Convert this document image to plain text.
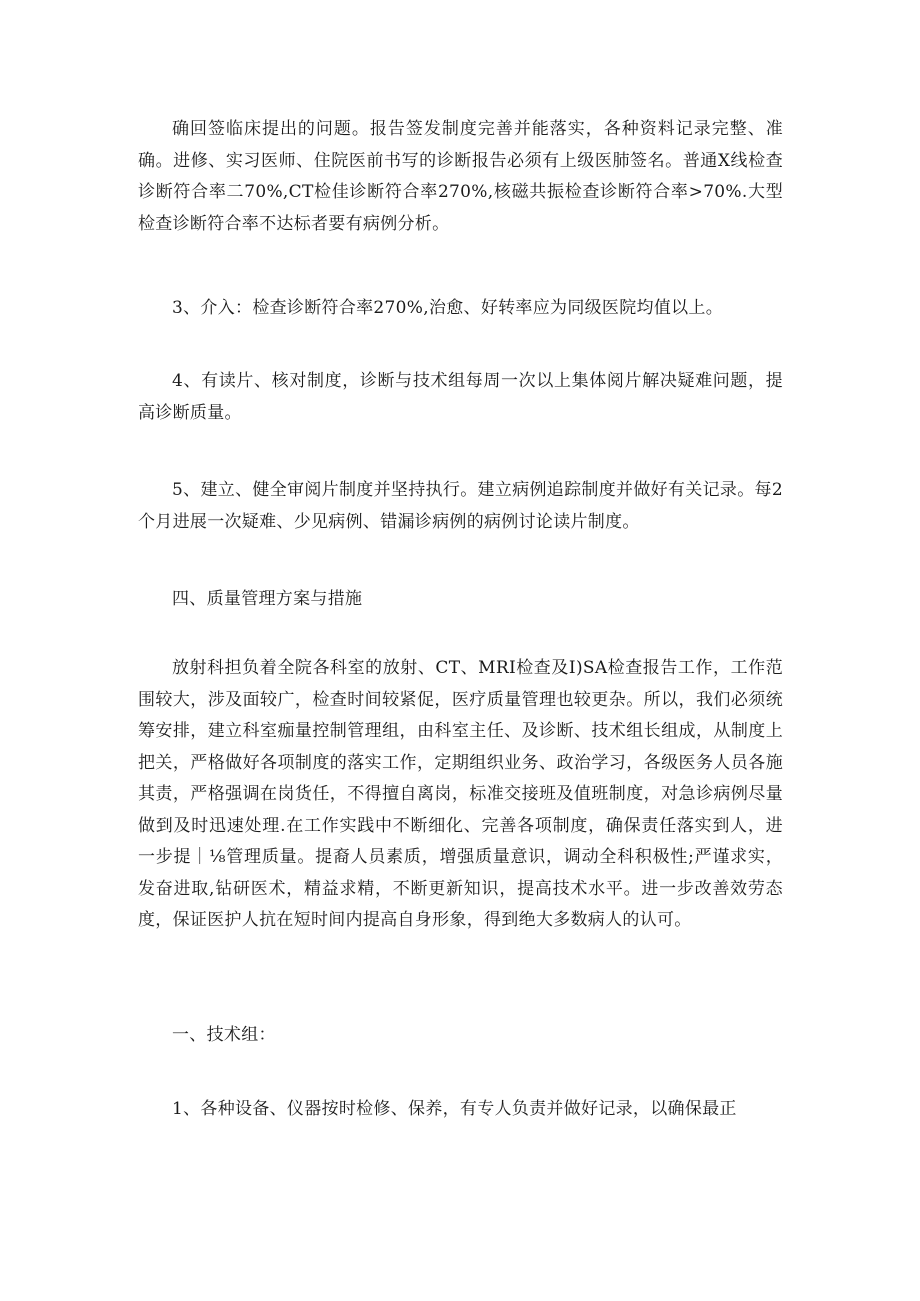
确回签临床提出的问题。报告签发制度完善并能落实，各种资料记录完整、准确。进修、实习医师、住院医前书写的诊断报告必须有上级医肺签名。普通X线检查诊断符合率二70%,CT检佳诊断符合率270%,核磁共振检查诊断符合率>70%.大型检查诊断符合率不达标者要有病例分析。

3、介入：检查诊断符合率270%,治愈、好转率应为同级医院均值以上。

4、有读片、核对制度，诊断与技术组每周一次以上集体阅片解决疑难问题，提高诊断质量。

5、建立、健全审阅片制度并坚持执行。建立病例追踪制度并做好有关记录。每2个月进展一次疑难、少见病例、错漏诊病例的病例讨论读片制度。

四、质量管理方案与措施

放射科担负着全院各科室的放射、CT、MRI检查及I)SA检查报告工作，工作范围较大，涉及面较广，检查时间较紧促，医疗质量管理也较更杂。所以，我们必须统筹安排，建立科室痂量控制管理组，由科室主任、及诊断、技术组长组成，从制度上把关，严格做好各项制度的落实工作，定期组织业务、政治学习，各级医务人员各施其责，严格强调在岗货任，不得擅自离岗，标准交接班及值班制度，对急诊病例尽量做到及时迅速处理.在工作实践中不断细化、完善各项制度，确保责任落实到人，进一步提｜⅛管理质量。提裔人员素质，增强质量意识，调动全科积极性;严谨求实，发奋进取,钻研医术，精益求精，不断更新知识，提高技术水平。进一步改善效劳态度，保证医护人抗在短时间内提高自身形象，得到绝大多数病人的认可。

一、技术组：

1、各种设备、仪器按时检修、保养，有专人负责并做好记录，以确保最正
